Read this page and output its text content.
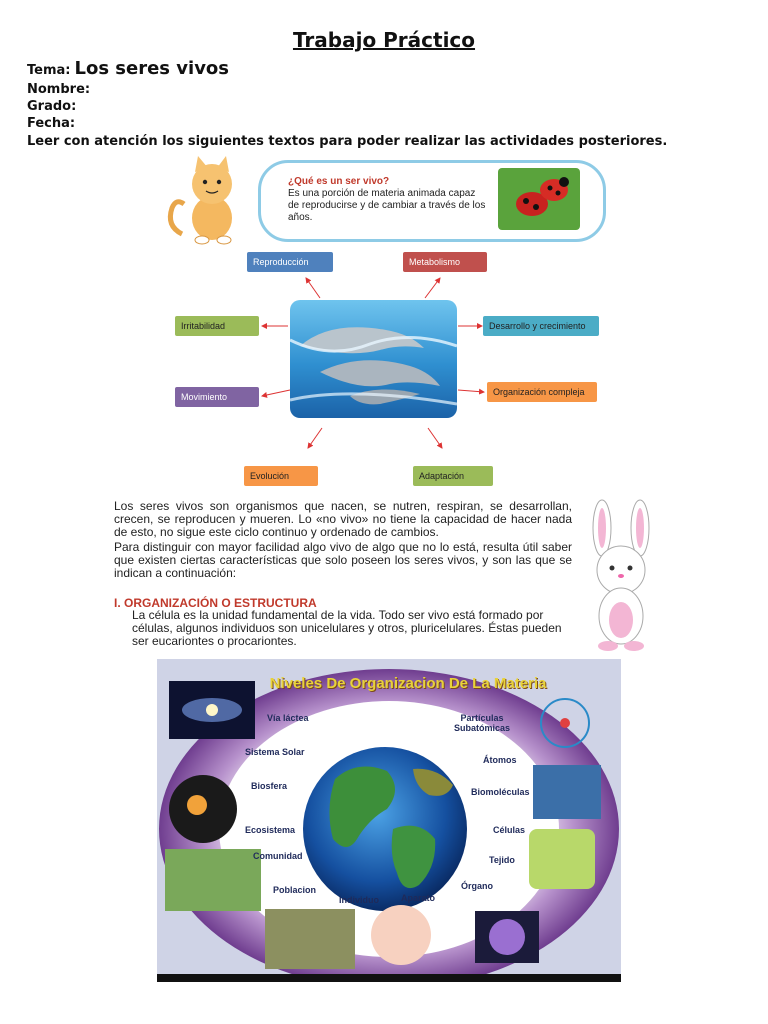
Trabajo Práctico
Tema: Los seres vivos
Nombre:
Grado:
Fecha:
Leer con atención los siguientes textos para poder realizar las actividades posteriores.
¿Qué es un ser vivo?
Es una porción de materia animada capaz de reproducirse y de cambiar a través de los años.
Reproducción	Metabolismo
Irritabilidad	Desarrollo y crecimiento
Movimiento	Organización compleja
Evolución	Adaptación
Los seres vivos son organismos que nacen, se nutren, respiran, se desarrollan, crecen, se reproducen y mueren. Lo «no vivo» no tiene la capacidad de hacer nada de esto, no sigue este ciclo continuo y ordenado de cambios.
Para distinguir con mayor facilidad algo vivo de algo que no lo está, resulta útil saber que existen ciertas características que solo poseen los seres vivos, y son las que se indican a continuación:
I. ORGANIZACIÓN O ESTRUCTURA
La célula es la unidad fundamental de la vida. Todo ser vivo está formado por células, algunos individuos son unicelulares y otros, pluricelulares. Éstas pueden ser eucariontes o procariontes.
Niveles De Organizacion De La Materia
Vía láctea
Sistema Solar
Biosfera
Ecosistema
Comunidad
Poblacion
Individuo Aparato
Órgano
Tejido
Células
Biomoléculas
Átomos
Partículas Subatómicas
